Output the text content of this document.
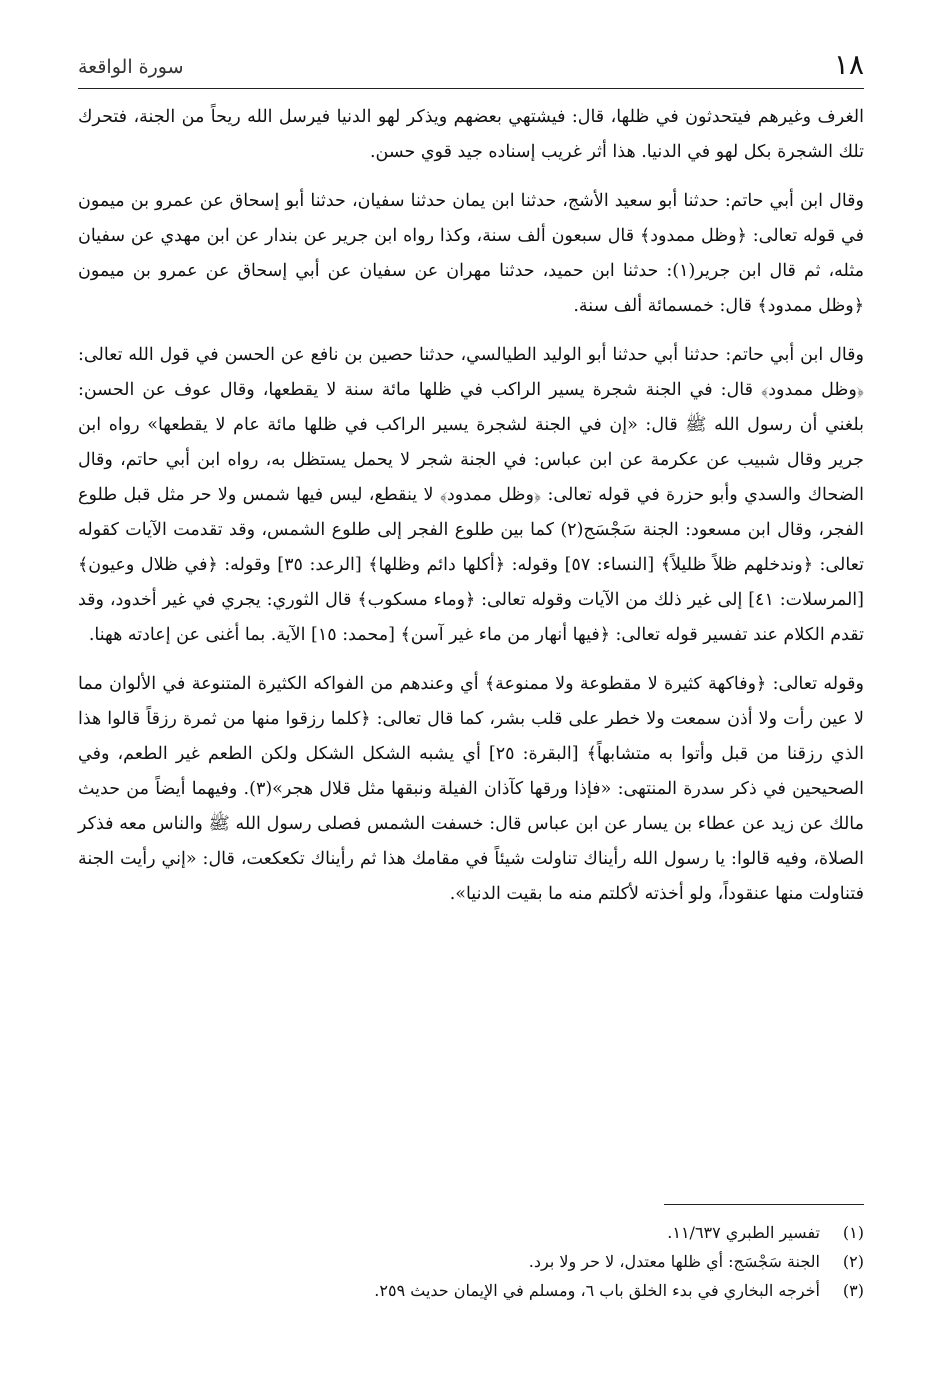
١٨
سورة الواقعة

الغرف وغيرهم فيتحدثون في ظلها، قال: فيشتهي بعضهم ويذكر لهو الدنيا فيرسل الله ريحاً من الجنة، فتحرك تلك الشجرة بكل لهو في الدنيا. هذا أثر غريب إسناده جيد قوي حسن.

وقال ابن أبي حاتم: حدثنا أبو سعيد الأشج، حدثنا ابن يمان حدثنا سفيان، حدثنا أبو إسحاق عن عمرو بن ميمون في قوله تعالى: ﴿وظل ممدود﴾ قال سبعون ألف سنة، وكذا رواه ابن جرير عن بندار عن ابن مهدي عن سفيان مثله، ثم قال ابن جرير(١): حدثنا ابن حميد، حدثنا مهران عن سفيان عن أبي إسحاق عن عمرو بن ميمون ﴿وظل ممدود﴾ قال: خمسمائة ألف سنة.

وقال ابن أبي حاتم: حدثنا أبي حدثنا أبو الوليد الطيالسي، حدثنا حصين بن نافع عن الحسن في قول الله تعالى: ﴿وظل ممدود﴾ قال: في الجنة شجرة يسير الراكب في ظلها مائة سنة لا يقطعها، وقال عوف عن الحسن: بلغني أن رسول الله ﷺ قال: «إن في الجنة لشجرة يسير الراكب في ظلها مائة عام لا يقطعها» رواه ابن جرير وقال شبيب عن عكرمة عن ابن عباس: في الجنة شجر لا يحمل يستظل به، رواه ابن أبي حاتم، وقال الضحاك والسدي وأبو حزرة في قوله تعالى: ﴿وظل ممدود﴾ لا ينقطع، ليس فيها شمس ولا حر مثل قبل طلوع الفجر، وقال ابن مسعود: الجنة سَجْسَج(٢) كما بين طلوع الفجر إلى طلوع الشمس، وقد تقدمت الآيات كقوله تعالى: ﴿وندخلهم ظلاً ظليلاً﴾ [النساء: ٥٧] وقوله: ﴿أكلها دائم وظلها﴾ [الرعد: ٣٥] وقوله: ﴿في ظلال وعيون﴾ [المرسلات: ٤١] إلى غير ذلك من الآيات وقوله تعالى: ﴿وماء مسكوب﴾ قال الثوري: يجري في غير أخدود، وقد تقدم الكلام عند تفسير قوله تعالى: ﴿فيها أنهار من ماء غير آسن﴾ [محمد: ١٥] الآية. بما أغنى عن إعادته ههنا.

وقوله تعالى: ﴿وفاكهة كثيرة لا مقطوعة ولا ممنوعة﴾ أي وعندهم من الفواكه الكثيرة المتنوعة في الألوان مما لا عين رأت ولا أذن سمعت ولا خطر على قلب بشر، كما قال تعالى: ﴿كلما رزقوا منها من ثمرة رزقاً قالوا هذا الذي رزقنا من قبل وأتوا به متشابهاً﴾ [البقرة: ٢٥] أي يشبه الشكل الشكل ولكن الطعم غير الطعم، وفي الصحيحين في ذكر سدرة المنتهى: «فإذا ورقها كآذان الفيلة ونبقها مثل قلال هجر»(٣). وفيهما أيضاً من حديث مالك عن زيد عن عطاء بن يسار عن ابن عباس قال: خسفت الشمس فصلى رسول الله ﷺ والناس معه فذكر الصلاة، وفيه قالوا: يا رسول الله رأيناك تناولت شيئاً في مقامك هذا ثم رأيناك تكعكعت، قال: «إني رأيت الجنة فتناولت منها عنقوداً، ولو أخذته لأكلتم منه ما بقيت الدنيا».

(١)
تفسير الطبري ١١/٦٣٧.
(٢)
الجنة سَجْسَج: أي ظلها معتدل، لا حر ولا برد.
(٣)
أخرجه البخاري في بدء الخلق باب ٦، ومسلم في الإيمان حديث ٢٥٩.
